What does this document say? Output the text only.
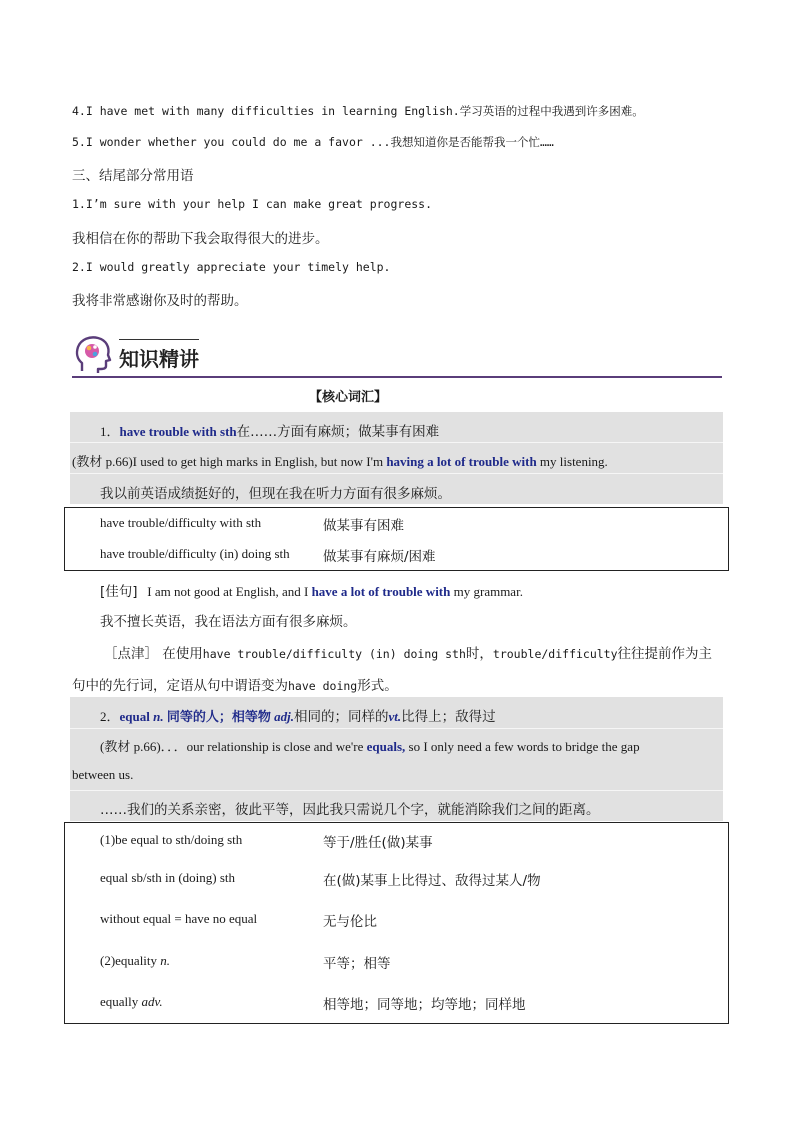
4.I have met with many difficulties in learning English.学习英语的过程中我遇到许多困难。
5.I wonder whether you could do me a favor ...我想知道你是否能帮我一个忙……
三、结尾部分常用语
1.I’m sure with your help I can make great progress.
我相信在你的帮助下我会取得很大的进步。
2.I would greatly appreciate your timely help.
我将非常感谢你及时的帮助。
知识精讲
【核心词汇】
1．have trouble with sth在……方面有麻烦；做某事有困难
(教材 p.66)I used to get high marks in English, but now I'm having a lot of trouble with my listening.
我以前英语成绩挺好的，但现在我在听力方面有很多麻烦。
have trouble/difficulty with sth	做某事有困难
have trouble/difficulty (in) doing sth 做某事有麻烦/困难
[佳句] I am not good at English, and I have a lot of trouble with my grammar.
我不擅长英语，我在语法方面有很多麻烦。
［点津］ 在使用have trouble/difficulty (in) doing sth时，trouble/difficulty往往提前作为主
句中的先行词，定语从句中谓语变为have doing形式。
2．equal n. 同等的人；相等物 adj.相同的；同样的vt.比得上；敌得过
(教材 p.66)．．．our relationship is close and we're equals, so I only need a few words to bridge the gap
between us.
……我们的关系亲密，彼此平等，因此我只需说几个字，就能消除我们之间的距离。
(1)be equal to sth/doing sth	等于/胜任(做)某事
equal sb/sth in (doing) sth	在(做)某事上比得过、敌得过某人/物
without equal = have no equal	无与伦比
(2)equality n.	平等；相等
equally adv.	相等地；同等地；均等地；同样地
